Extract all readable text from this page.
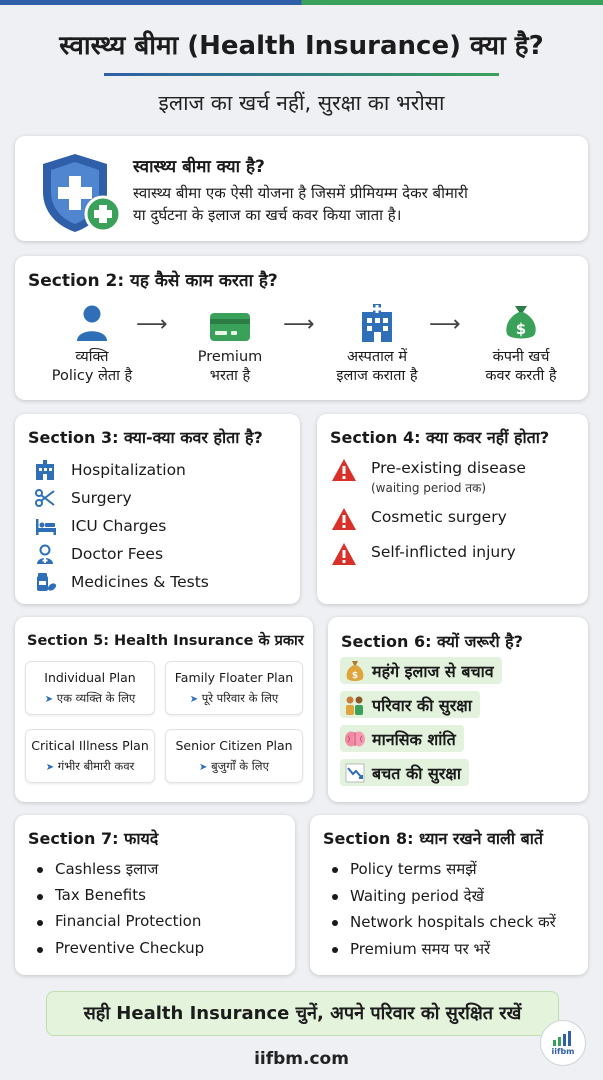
स्वास्थ्य बीमा (Health Insurance) क्या है?
इलाज का खर्च नहीं, सुरक्षा का भरोसा
स्वास्थ्य बीमा क्या है?
स्वास्थ्य बीमा एक ऐसी योजना है जिसमें प्रीमियम्म देकर बीमारी
या दुर्घटना के इलाज का खर्च कवर किया जाता है।
Section 2: यह कैसे काम करता है?
व्यक्ति
Policy लेता है
⟶
Premium
भरता है
⟶
अस्पताल में
इलाज कराता है
⟶	$
कंपनी खर्च
कवर करती है
Section 3: क्या-क्या कवर होता है?
Hospitalization
Surgery
ICU Charges
Doctor Fees
Medicines & Tests
Section 4: क्या कवर नहीं होता?
Pre-existing disease
(waiting period तक)
Cosmetic surgery
Self-inflicted injury
Section 5: Health Insurance के प्रकार
Individual Plan
➤ एक व्यक्ति के लिए
Family Floater Plan
➤ पूरे परिवार के लिए
Critical Illness Plan
➤ गंभीर बीमारी कवर
Senior Citizen Plan
➤ बुजुर्गों के लिए
Section 6: क्यों जरूरी है?
$ महंगे इलाज से बचाव
परिवार की सुरक्षा
मानसिक शांति
बचत की सुरक्षा
Section 7: फायदे
Cashless इलाज
Tax Benefits
Financial Protection
Preventive Checkup
Section 8: ध्यान रखने वाली बातें
Policy terms समझें
Waiting period देखें
Network hospitals check करें
Premium समय पर भरें
सही Health Insurance चुनें, अपने परिवार को सुरक्षित रखें
iifbm
iifbm.com
